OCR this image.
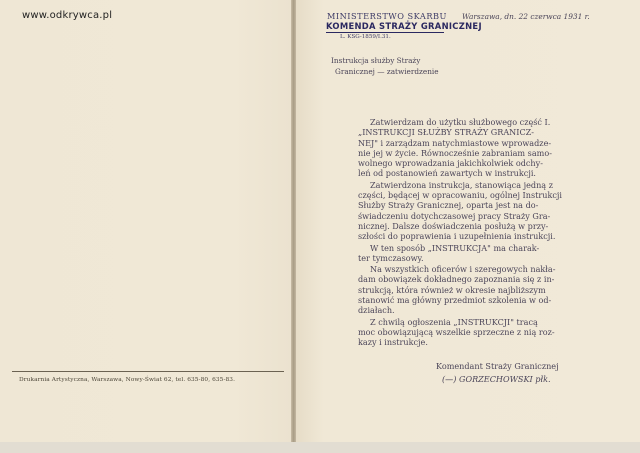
www.odkrywca.pl
Drukarnia Artystyczna, Warszawa, Nowy-Świat 62, tel. 635-80, 635-83.
MINISTERSTWO SKARBU
KOMENDA STRAŻY GRANICZNEJ
L. KSG-1859/I.31.
Warszawa, dn. 22 czerwca 1931 r.
Instrukcja służby Straży
Granicznej — zatwierdzenie
Zatwierdzam do użytku służbowego część I.
„INSTRUKCJI SŁUŻBY STRAŻY GRANICZ-
NEJ" i zarządzam natychmiastowe wprowadze-
nie jej w życie. Równocześnie zabraniam samo-
wolnego wprowadzania jakichkolwiek odchy-
leń od postanowień zawartych w instrukcji.
Zatwierdzona instrukcja, stanowiąca jedną z
części, będącej w opracowaniu, ogólnej Instrukcji
Służby Straży Granicznej, oparta jest na do-
świadczeniu dotychczasowej pracy Straży Gra-
nicznej. Dalsze doświadczenia posłużą w przy-
szłości do poprawienia i uzupełnienia instrukcji.
W ten sposób „INSTRUKCJA" ma charak-
ter tymczasowy.
Na wszystkich oficerów i szeregowych nakła-
dam obowiązek dokładnego zapoznania się z in-
strukcją, która również w okresie najbliższym
stanowić ma główny przedmiot szkolenia w od-
działach.
Z chwilą ogłoszenia „INSTRUKCJI" tracą
moc obowiązującą wszelkie sprzeczne z nią roz-
kazy i instrukcje.
Komendant Straży Granicznej
(—) GORZECHOWSKI płk.
